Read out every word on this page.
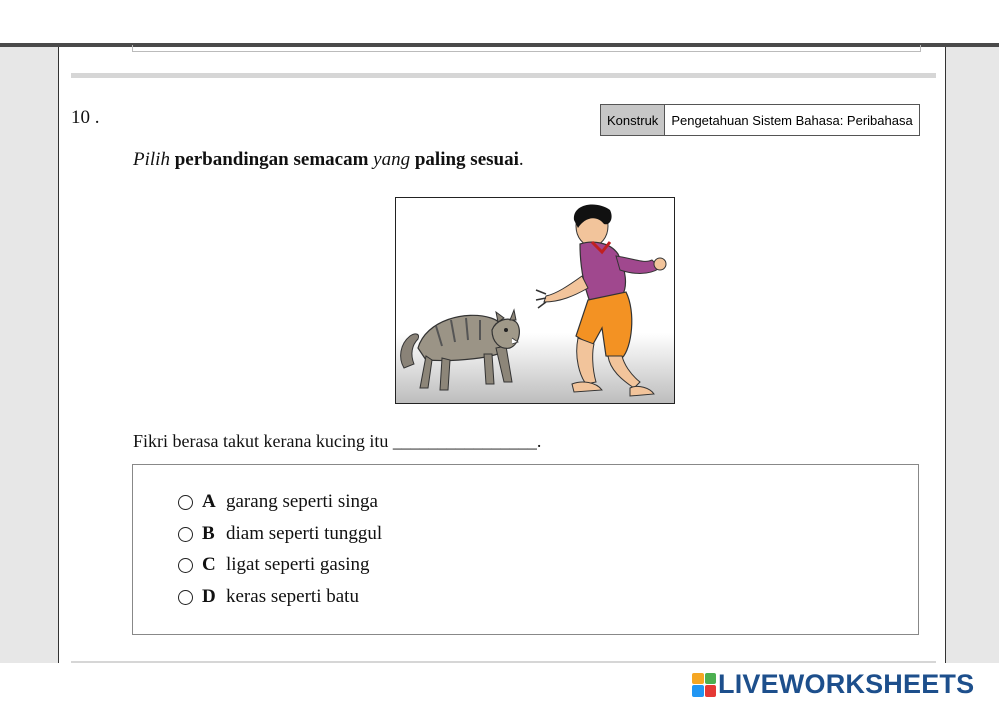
10 .	Konstruk	Pengetahuan Sistem Bahasa: Peribahasa
Pilih perbandingan semacam yang paling sesuai.
Fikri berasa takut kerana kucing itu ________________.
A garang seperti singa
B diam seperti tunggul
C ligat seperti gasing
D keras seperti batu
LIVEWORKSHEETS
